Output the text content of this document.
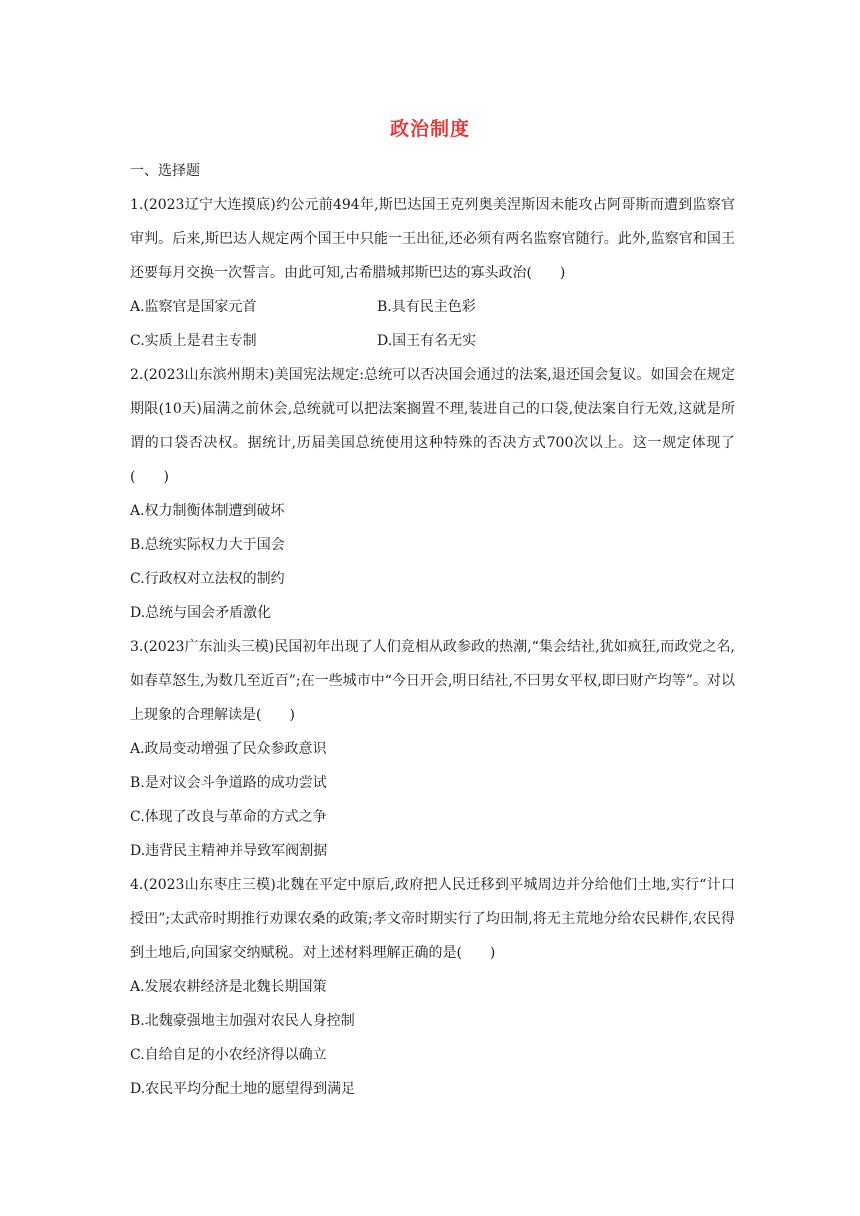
政治制度
一、选择题
1.(2023辽宁大连摸底)约公元前494年,斯巴达国王克列奥美涅斯因未能攻占阿哥斯而遭到监察官审判。后来,斯巴达人规定两个国王中只能一王出征,还必须有两名监察官随行。此外,监察官和国王还要每月交换一次誓言。由此可知,古希腊城邦斯巴达的寡头政治(　　)
A.监察官是国家元首	B.具有民主色彩
C.实质上是君主专制	D.国王有名无实
2.(2023山东滨州期末)美国宪法规定:总统可以否决国会通过的法案,退还国会复议。如国会在规定期限(10天)届满之前休会,总统就可以把法案搁置不理,装进自己的口袋,使法案自行无效,这就是所谓的口袋否决权。据统计,历届美国总统使用这种特殊的否决方式700次以上。这一规定体现了(　　)
A.权力制衡体制遭到破坏
B.总统实际权力大于国会
C.行政权对立法权的制约
D.总统与国会矛盾激化
3.(2023广东汕头三模)民国初年出现了人们竞相从政参政的热潮,“集会结社,犹如疯狂,而政党之名,如春草怒生,为数几至近百”;在一些城市中“今日开会,明日结社,不曰男女平权,即曰财产均等”。对以上现象的合理解读是(　　)
A.政局变动增强了民众参政意识
B.是对议会斗争道路的成功尝试
C.体现了改良与革命的方式之争
D.违背民主精神并导致军阀割据
4.(2023山东枣庄三模)北魏在平定中原后,政府把人民迁移到平城周边并分给他们土地,实行“计口授田”;太武帝时期推行劝课农桑的政策;孝文帝时期实行了均田制,将无主荒地分给农民耕作,农民得到土地后,向国家交纳赋税。对上述材料理解正确的是(　　)
A.发展农耕经济是北魏长期国策
B.北魏豪强地主加强对农民人身控制
C.自给自足的小农经济得以确立
D.农民平均分配土地的愿望得到满足
